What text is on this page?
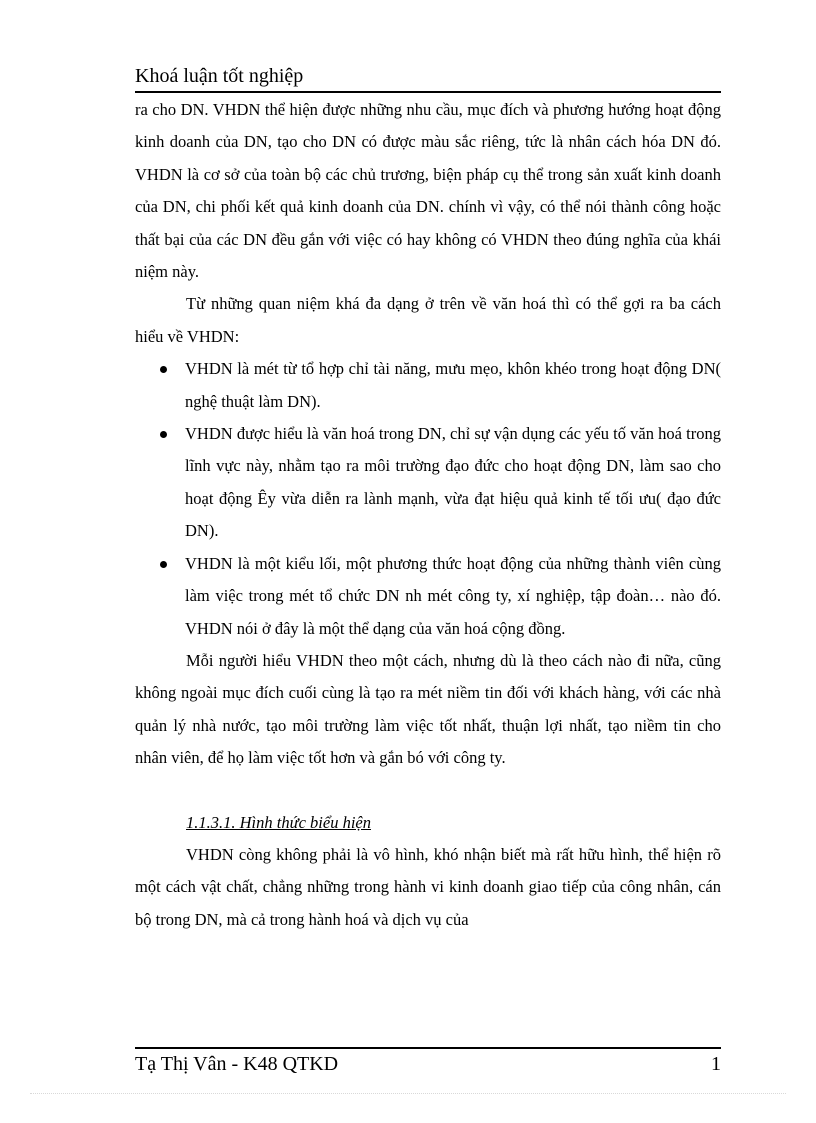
Khoá luận tốt nghiệp

ra cho DN. VHDN thể hiện được những nhu cầu, mục đích và phương hướng hoạt động kinh doanh của DN, tạo cho DN có được màu sắc riêng, tức là nhân cách hóa DN đó. VHDN là cơ sở của toàn bộ các chủ trương, biện pháp cụ thể trong sản xuất kinh doanh của DN, chi phối kết quả kinh doanh của DN. chính vì vậy, có thể nói thành công hoặc thất bại của các DN đều gắn với việc có hay không có VHDN theo đúng nghĩa của khái niệm này.

Từ những quan niệm khá đa dạng ở trên về văn hoá thì có thể gợi ra ba cách hiểu về VHDN:

VHDN là mét từ tổ hợp chỉ tài năng, mưu mẹo, khôn khéo trong hoạt động DN( nghệ thuật làm DN).
VHDN được hiểu là văn hoá trong DN, chỉ sự vận dụng các yếu tố văn hoá trong lĩnh vực này, nhằm tạo ra môi trường đạo đức cho hoạt động DN, làm sao cho hoạt động Êy vừa diễn ra lành mạnh, vừa đạt hiệu quả kinh tế tối ưu( đạo đức DN).
VHDN là một kiểu lối, một phương thức hoạt động của những thành viên cùng làm việc trong mét tổ chức DN nh mét công ty, xí nghiệp, tập đoàn… nào đó. VHDN nói ở đây là một thể dạng của văn hoá cộng đồng.

Mỗi người hiểu VHDN theo một cách, nhưng dù là theo cách nào đi nữa, cũng không ngoài mục đích cuối cùng là tạo ra mét niềm tin đối với khách hàng, với các nhà quản lý nhà nước, tạo môi trường làm việc tốt nhất, thuận lợi nhất, tạo niềm tin cho nhân viên, để họ làm việc tốt hơn và gắn bó với công ty.

1.1.3.1. Hình thức biểu hiện

VHDN còng không phải là vô hình, khó nhận biết mà rất hữu hình, thể hiện rõ một cách vật chất, chẳng những trong hành vi kinh doanh giao tiếp của công nhân, cán bộ trong DN, mà cả trong hành hoá và dịch vụ của

Tạ Thị Vân - K48 QTKD	1
